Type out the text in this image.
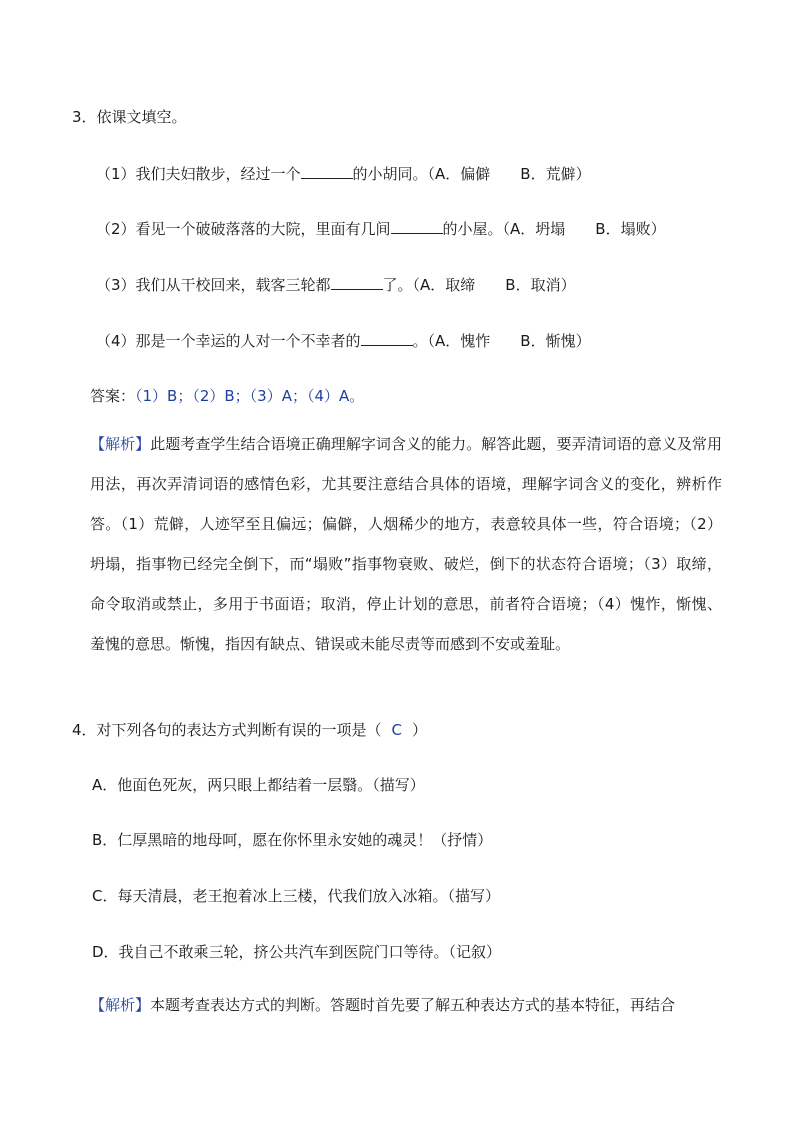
3．依课文填空。
（1）我们夫妇散步，经过一个	的小胡同。（A．偏僻　　B．荒僻）
（2）看见一个破破落落的大院，里面有几间	的小屋。（A．坍塌　　B．塌败）
（3）我们从干校回来，载客三轮都	了。（A．取缔　　B．取消）
（4）那是一个幸运的人对一个不幸者的	。（A．愧怍　　B．惭愧）
答案：（1）B；（2）B；（3）A；（4）A。
【解析】此题考查学生结合语境正确理解字词含义的能力。解答此题，要弄清词语的意义及常用用法，再次弄清词语的感情色彩，尤其要注意结合具体的语境，理解字词含义的变化，辨析作答。（1）荒僻，人迹罕至且偏远；偏僻，人烟稀少的地方，表意较具体一些，符合语境；（2）坍塌，指事物已经完全倒下，而“塌败”指事物衰败、破烂，倒下的状态符合语境；（3）取缔，命令取消或禁止，多用于书面语；取消，停止计划的意思，前者符合语境；（4）愧怍，惭愧、羞愧的意思。惭愧，指因有缺点、错误或未能尽责等而感到不安或羞耻。
4．对下列各句的表达方式判断有误的一项是（ C ）
A．他面色死灰，两只眼上都结着一层翳。（描写）
B．仁厚黑暗的地母呵，愿在你怀里永安她的魂灵！（抒情）
C．每天清晨，老王抱着冰上三楼，代我们放入冰箱。（描写）
D．我自己不敢乘三轮，挤公共汽车到医院门口等待。（记叙）
【解析】本题考查表达方式的判断。答题时首先要了解五种表达方式的基本特征，再结合
